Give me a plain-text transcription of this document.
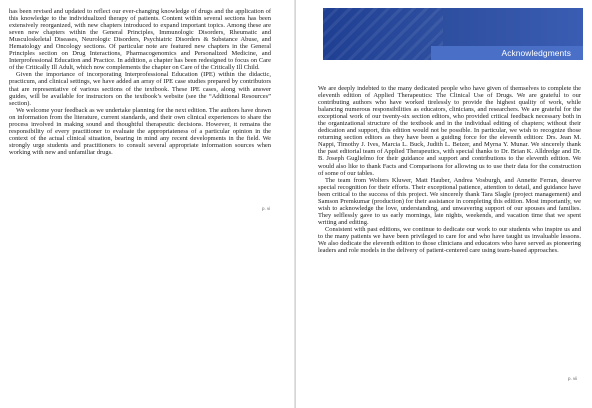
has been revised and updated to reflect our ever-changing knowledge of drugs and the application of this knowledge to the individualized therapy of patients. Content within several sections has been extensively reorganized, with new chapters introduced to expand important topics. Among these are seven new chapters within the General Principles, Immunologic Disorders, Rheumatic and Musculoskeletal Diseases, Neurologic Disorders, Psychiatric Disorders & Substance Abuse, and Hematology and Oncology sections. Of particular note are featured new chapters in the General Principles section on Drug Interactions, Pharmacogenomics and Personalized Medicine, and Interprofessional Education and Practice. In addition, a chapter has been redesigned to focus on Care of the Critically Ill Adult, which now complements the chapter on Care of the Critically Ill Child.

Given the importance of incorporating Interprofessional Education (IPE) within the didactic, practicum, and clinical settings, we have added an array of IPE case studies prepared by contributors that are representative of various sections of the textbook. These IPE cases, along with answer guides, will be available for instructors on the textbook’s website (see the “Additional Resources” section).

We welcome your feedback as we undertake planning for the next edition. The authors have drawn on information from the literature, current standards, and their own clinical experiences to share the process involved in making sound and thoughtful therapeutic decisions. However, it remains the responsibility of every practitioner to evaluate the appropriateness of a particular opinion in the context of the actual clinical situation, bearing in mind any recent developments in the field. We strongly urge students and practitioners to consult several appropriate information sources when working with new and unfamiliar drugs.

p. vi
Acknowledgments

We are deeply indebted to the many dedicated people who have given of themselves to complete the eleventh edition of Applied Therapeutics: The Clinical Use of Drugs. We are grateful to our contributing authors who have worked tirelessly to provide the highest quality of work, while balancing numerous responsibilities as educators, clinicians, and researchers. We are grateful for the exceptional work of our twenty-six section editors, who provided critical feedback necessary both in the organizational structure of the textbook and in the individual editing of chapters; without their dedication and support, this edition would not be possible. In particular, we wish to recognize those returning section editors as they have been a guiding force for the eleventh edition: Drs. Jean M. Nappi, Timothy J. Ives, Marcia L. Buck, Judith L. Beizer, and Myrna Y. Munar. We sincerely thank the past editorial team of Applied Therapeutics, with special thanks to Dr. Brian K. Alldredge and Dr. B. Joseph Guglielmo for their guidance and support and contributions to the eleventh edition. We would also like to thank Facts and Comparisons for allowing us to use their data for the construction of some of our tables.

The team from Wolters Kluwer, Matt Hauber, Andrea Vosburgh, and Annette Ferran, deserve special recognition for their efforts. Their exceptional patience, attention to detail, and guidance have been critical to the success of this project. We sincerely thank Tara Slagle (project management) and Samson Premkumar (production) for their assistance in completing this edition. Most importantly, we wish to acknowledge the love, understanding, and unwavering support of our spouses and families. They selflessly gave to us early mornings, late nights, weekends, and vacation time that we spent writing and editing.

Consistent with past editions, we continue to dedicate our work to our students who inspire us and to the many patients we have been privileged to care for and who have taught us invaluable lessons. We also dedicate the eleventh edition to those clinicians and educators who have served as pioneering leaders and role models in the delivery of patient-centered care using team-based approaches.

p. vii
